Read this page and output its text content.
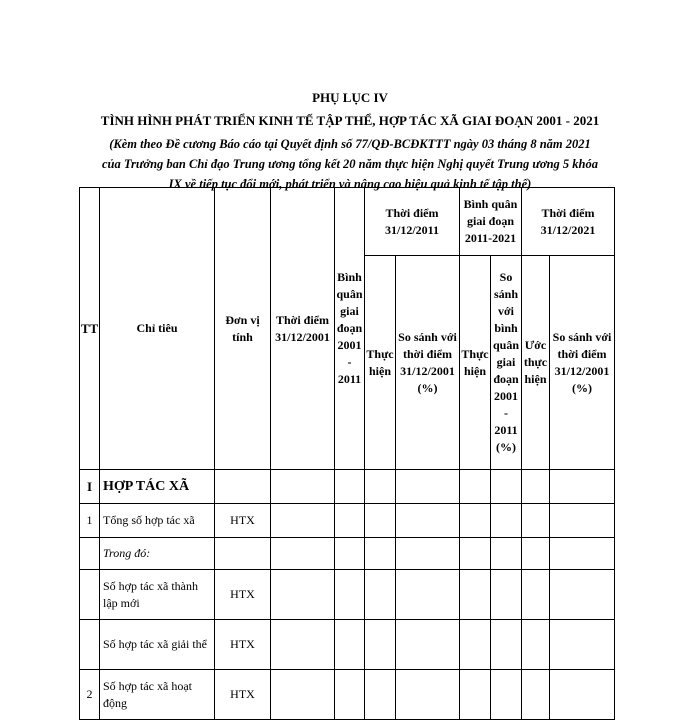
PHỤ LỤC IV
TÌNH HÌNH PHÁT TRIỂN KINH TẾ TẬP THỂ, HỢP TÁC XÃ GIAI ĐOẠN 2001 - 2021
(Kèm theo Đề cương Báo cáo tại Quyết định số 77/QĐ-BCĐKTTT ngày 03 tháng 8 năm 2021
của Trưởng ban Chỉ đạo Trung ương tổng kết 20 năm thực hiện Nghị quyết Trung ương 5 khóa
IX về tiếp tục đổi mới, phát triển và nâng cao hiệu quả kinh tế tập thể)
TT	Chỉ tiêu	Đơn vị tính	Thời điểm 31/12/2001	Bình quân giai đoạn 2001 - 2011	Thời điểm 31/12/2011		Bình quân giai đoạn 2011-2021		Thời điểm 31/12/2021	
					Thực hiện	So sánh với thời điểm 31/12/2001 (%)	Thực hiện	So sánh với bình quân giai đoạn 2001 - 2011 (%)	Ước thực hiện	So sánh với thời điểm 31/12/2001 (%)
I	HỢP TÁC XÃ									
1	Tổng số hợp tác xã	HTX								
	Trong đó:									
	Số hợp tác xã thành lập mới	HTX								
	Số hợp tác xã giải thể	HTX								
2	Số hợp tác xã hoạt động	HTX								
